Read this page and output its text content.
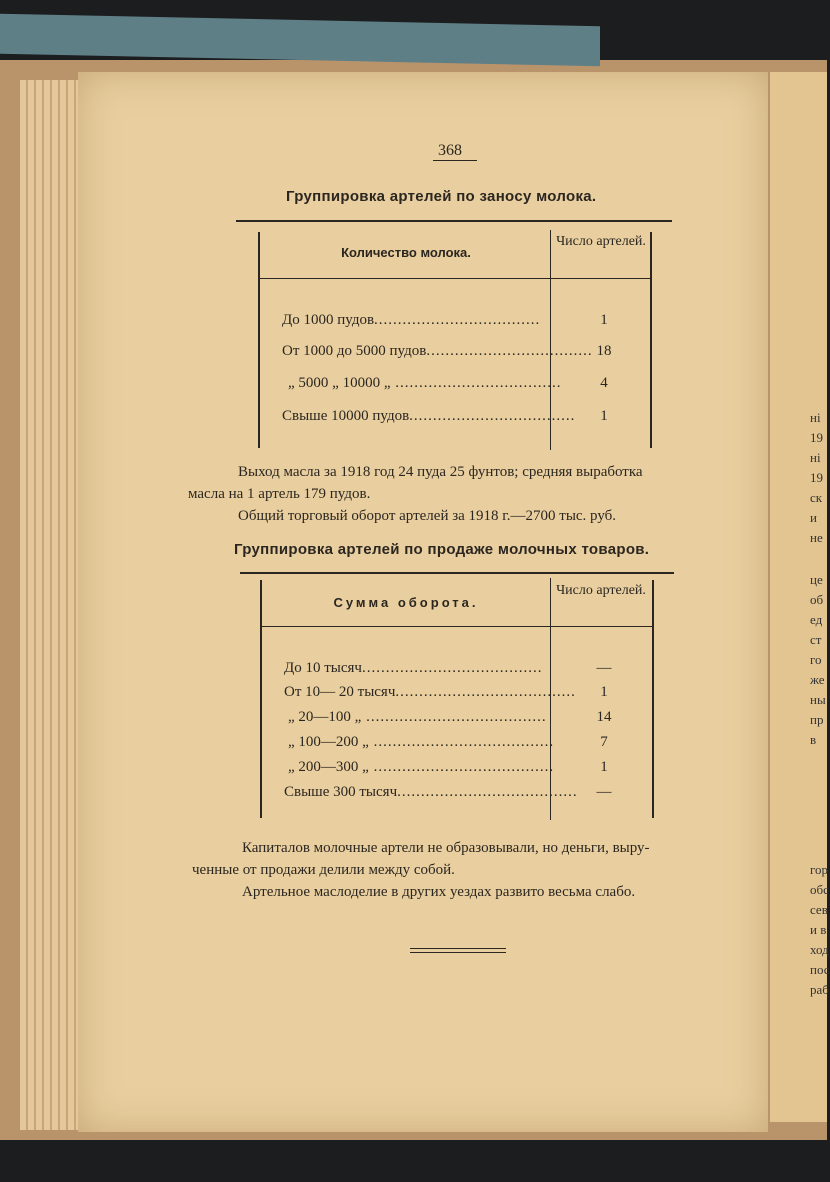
ні
19
ні
19
ск
и
не
це
об
ед
ст
го
же
ны
пр
в
гор
обс
сев
и в
ход
пос
раб
368
Группировка артелей по заносу молока.
Количество молока.
Число артелей.
До 1000 пудов...................................	1
От 1000 до 5000 пудов................................... 18
„ 5000 „ 10000 „ ...................................	4
Свыше 10000 пудов...................................	1
Выход масла за 1918 год 24 пуда 25 фунтов; средняя выработка
масла на 1 артель 179 пудов.
Общий торговый оборот артелей за 1918 г.—2700 тыс. руб.
Группировка артелей по продаже молочных товаров.
Сумма оборота.
Число артелей.
До 10 тысяч......................................	—
От 10— 20 тысяч......................................	1
„ 20—100 „ ......................................	14
„ 100—200 „ ......................................	7
„ 200—300 „ ......................................	1
Свыше 300 тысяч......................................	—
Капиталов молочные артели не образовывали, но деньги, выру-
ченные от продажи делили между собой.
Артельное маслоделие в других уездах развито весьма слабо.
